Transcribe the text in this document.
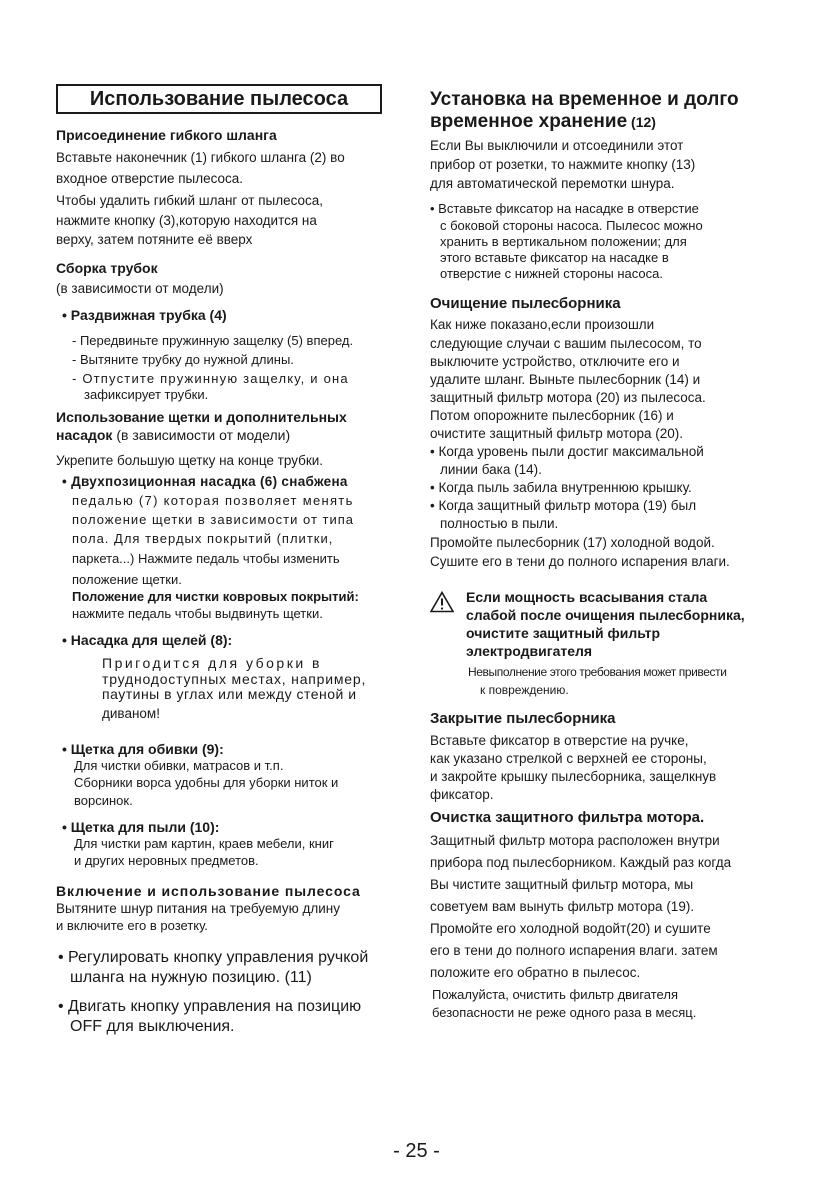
Использование пылесоса
Присоединение гибкого шланга
Вставьте наконечник (1) гибкого шланга (2) во
входное отверстие пылесоса.
Чтобы удалить гибкий шланг от пылесоса,
нажмите кнопку (3),которую находится на
верху, затем потяните её вверх
Сборка трубок
(в зависимости от модели)
• Раздвижная трубка (4)
- Передвиньте пружинную защелку (5) вперед.
- Вытяните трубку до нужной длины.
- Отпустите пружинную защелку, и она
зафиксирует трубки.
Использование щетки и дополнительных
насадок (в зависимости от модели)
Укрепите большую щетку на конце трубки.
• Двухпозиционная насадка (6) снабжена
педалью (7) которая позволяет менять
положение щетки в зависимости от типа
пола. Для твердых покрытий (плитки,
паркета...) Нажмите педаль чтобы изменить
положение щетки.
Положение для чистки ковровых покрытий:
нажмите педаль чтобы выдвинуть щетки.
• Насадка для щелей (8):
Пригодится для уборки в
труднодоступных местах, например,
паутины в углах или между стеной и
диваном!
• Щетка для обивки (9):
Для чистки обивки, матрасов и т.п.
Сборники ворса удобны для уборки ниток и
ворсинок.
• Щетка для пыли (10):
Для чистки рам картин, краев мебели, книг
и других неровных предметов.
Включение и использование пылесоса
Вытяните шнур питания на требуемую длину
и включите его в розетку.
• Регулировать кнопку управления ручкой
шланга на нужную позицию. (11)
• Двигать кнопку управления на позицию
OFF для выключения.
Установка на временное и долго
временное хранение (12)
Если Вы выключили и отсоединили этот
прибор от розетки, то нажмите кнопку (13)
для автоматической перемотки шнура.
• Вставьте фиксатор на насадке в отверстие
с боковой стороны насоса. Пылесос можно
хранить в вертикальном положении; для
этого вставьте фиксатор на насадке в
отверстие с нижней стороны насоса.
Очищение пылесборника
Как ниже показано,если произошли
следующие случаи с вашим пылесосом, то
выключите устройство, отключите его и
удалите шланг. Выньте пылесборник (14) и
защитный фильтр мотора (20) из пылесоса.
Потом опорожните пылесборник (16) и
очистите защитный фильтр мотора (20).
• Когда уровень пыли достиг максимальной
линии бака (14).
• Когда пыль забила внутреннюю крышку.
• Когда защитный фильтр мотора (19) был
полностью в пыли.
Промойте пылесборник (17) холодной водой.
Сушите его в тени до полного испарения влаги.
Если мощность всасывания стала
слабой после очищения пылесборника,
очистите защитный фильтр
электродвигателя
Невыполнение этого требования может привести
к повреждению.
Закрытие пылесборника
Вставьте фиксатор в отверстие на ручке,
как указано стрелкой с верхней ее стороны,
и закройте крышку пылесборника, защелкнув
фиксатор.
Очистка защитного фильтра мотора.
Защитный фильтр мотора расположен внутри
прибора под пылесборником. Каждый раз когда
Вы чистите защитный фильтр мотора, мы
советуем вам вынуть фильтр мотора (19).
Промойте его холодной водойт(20) и сушите
его в тени до полного испарения влаги. затем
положите его обратно в пылесос.
Пожалуйста, очистить фильтр двигателя
безопасности не реже одного раза в месяц.
- 25 -
